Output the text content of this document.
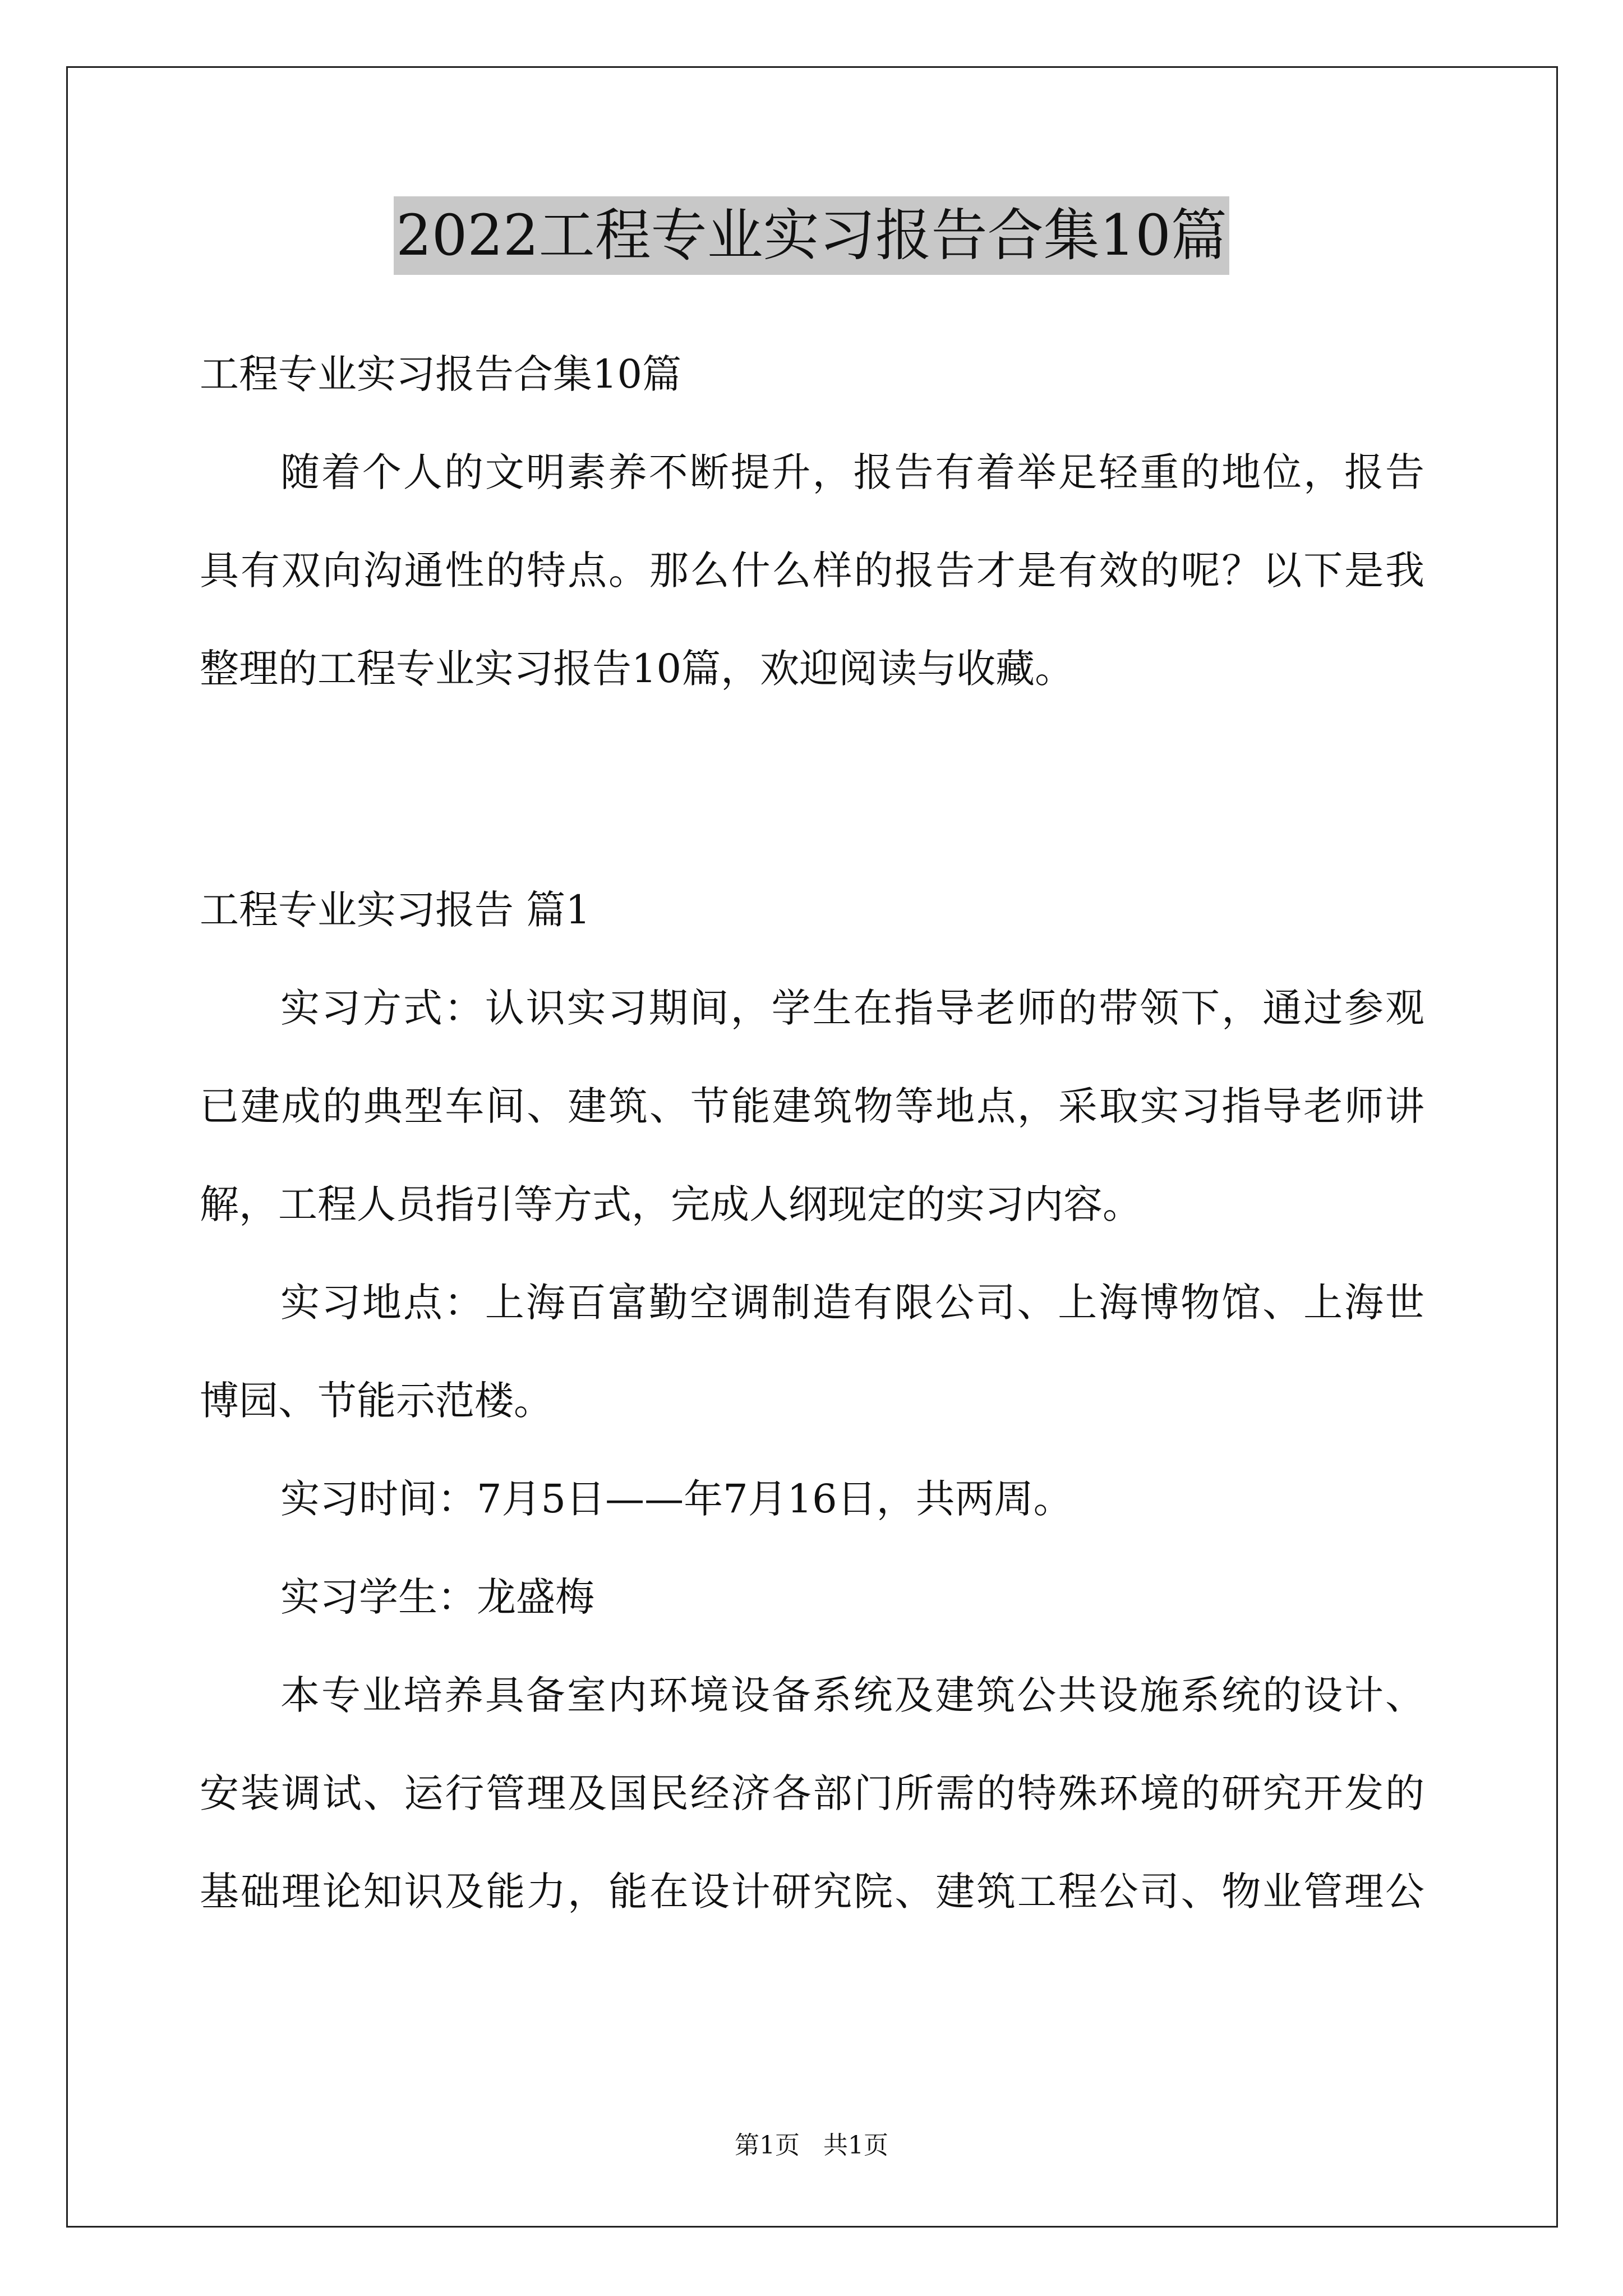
2022工程专业实习报告合集10篇
工程专业实习报告合集10篇
随着个人的文明素养不断提升，报告有着举足轻重的地位，报告
具有双向沟通性的特点。那么什么样的报告才是有效的呢？以下是我
整理的工程专业实习报告10篇，欢迎阅读与收藏。
工程专业实习报告 篇1
实习方式：认识实习期间，学生在指导老师的带领下，通过参观
已建成的典型车间、建筑、节能建筑物等地点，采取实习指导老师讲
解，工程人员指引等方式，完成人纲现定的实习内容。
实习地点：上海百富勤空调制造有限公司、上海博物馆、上海世
博园、节能示范楼。
实习时间：7月5日——年7月16日，共两周。
实习学生：龙盛梅
本专业培养具备室内环境设备系统及建筑公共设施系统的设计、
安装调试、运行管理及国民经济各部门所需的特殊环境的研究开发的
基础理论知识及能力，能在设计研究院、建筑工程公司、物业管理公
第1页   共1页
